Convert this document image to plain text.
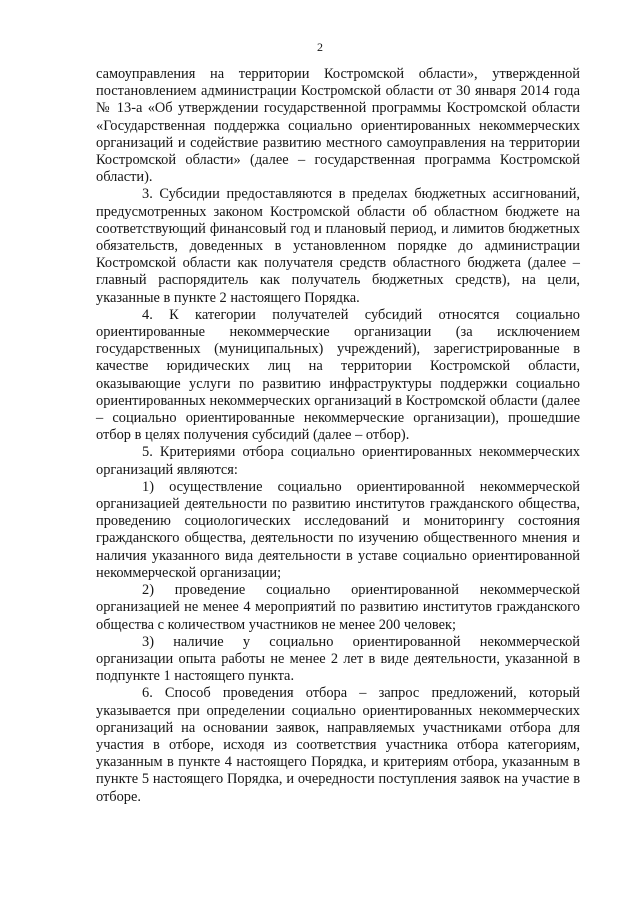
2

самоуправления на территории Костромской области», утвержденной постановлением администрации Костромской области от 30 января 2014 года № 13-а «Об утверждении государственной программы Костромской области «Государственная поддержка социально ориентированных некоммерческих организаций и содействие развитию местного самоуправления на территории Костромской области» (далее – государственная программа Костромской области).

3. Субсидии предоставляются в пределах бюджетных ассигнований, предусмотренных законом Костромской области об областном бюджете на соответствующий финансовый год и плановый период, и лимитов бюджетных обязательств, доведенных в установленном порядке до администрации Костромской области как получателя средств областного бюджета (далее – главный распорядитель как получатель бюджетных средств), на цели, указанные в пункте 2 настоящего Порядка.

4. К категории получателей субсидий относятся социально ориентированные некоммерческие организации (за исключением государственных (муниципальных) учреждений), зарегистрированные в качестве юридических лиц на территории Костромской области, оказывающие услуги по развитию инфраструктуры поддержки социально ориентированных некоммерческих организаций в Костромской области (далее – социально ориентированные некоммерческие организации), прошедшие отбор в целях получения субсидий (далее – отбор).

5. Критериями отбора социально ориентированных некоммерческих организаций являются:

1) осуществление социально ориентированной некоммерческой организацией деятельности по развитию институтов гражданского общества, проведению социологических исследований и мониторингу состояния гражданского общества, деятельности по изучению общественного мнения и наличия указанного вида деятельности в уставе социально ориентированной некоммерческой организации;

2) проведение социально ориентированной некоммерческой организацией не менее 4 мероприятий по развитию институтов гражданского общества с количеством участников не менее 200 человек;

3) наличие у социально ориентированной некоммерческой организации опыта работы не менее 2 лет в виде деятельности, указанной в подпункте 1 настоящего пункта.

6. Способ проведения отбора – запрос предложений, который указывается при определении социально ориентированных некоммерческих организаций на основании заявок, направляемых участниками отбора для участия в отборе, исходя из соответствия участника отбора категориям, указанным в пункте 4 настоящего Порядка, и критериям отбора, указанным в пункте 5 настоящего Порядка, и очередности поступления заявок на участие в отборе.
